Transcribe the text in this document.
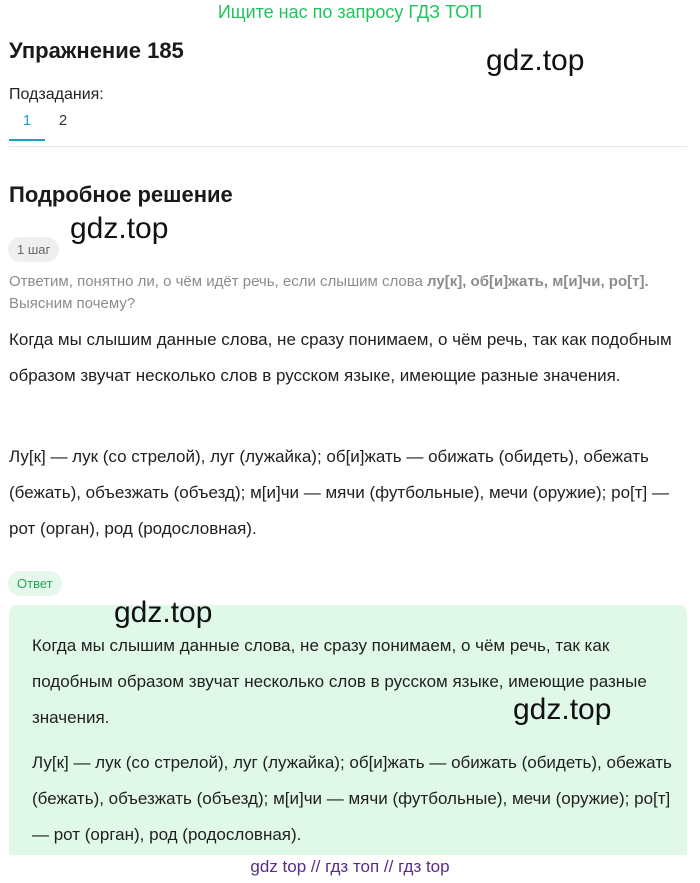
Ищите нас по запросу ГДЗ ТОП
Упражнение 185	gdz.top
Подзадания:
1	2
Подробное решение
1 шаг
gdz.top
Ответим, понятно ли, о чём идёт речь, если слышим слова лу[к], об[и]жать, м[и]чи, ро[т]. Выясним почему?
Когда мы слышим данные слова, не сразу понимаем, о чём речь, так как подобным образом звучат несколько слов в русском языке, имеющие разные значения.
Лу[к] — лук (со стрелой), луг (лужайка); об[и]жать — обижать (обидеть), обежать (бежать), объезжать (объезд); м[и]чи — мячи (футбольные), мечи (оружие); ро[т] — рот (орган), род (родословная).
Ответ
gdz.top
Когда мы слышим данные слова, не сразу понимаем, о чём речь, так как подобным образом звучат несколько слов в русском языке, имеющие разные значения.	gdz.top
Лу[к] — лук (со стрелой), луг (лужайка); об[и]жать — обижать (обидеть), обежать (бежать), объезжать (объезд); м[и]чи — мячи (футбольные), мечи (оружие); ро[т] — рот (орган), род (родословная).
gdz top // гдз топ // гдз top
